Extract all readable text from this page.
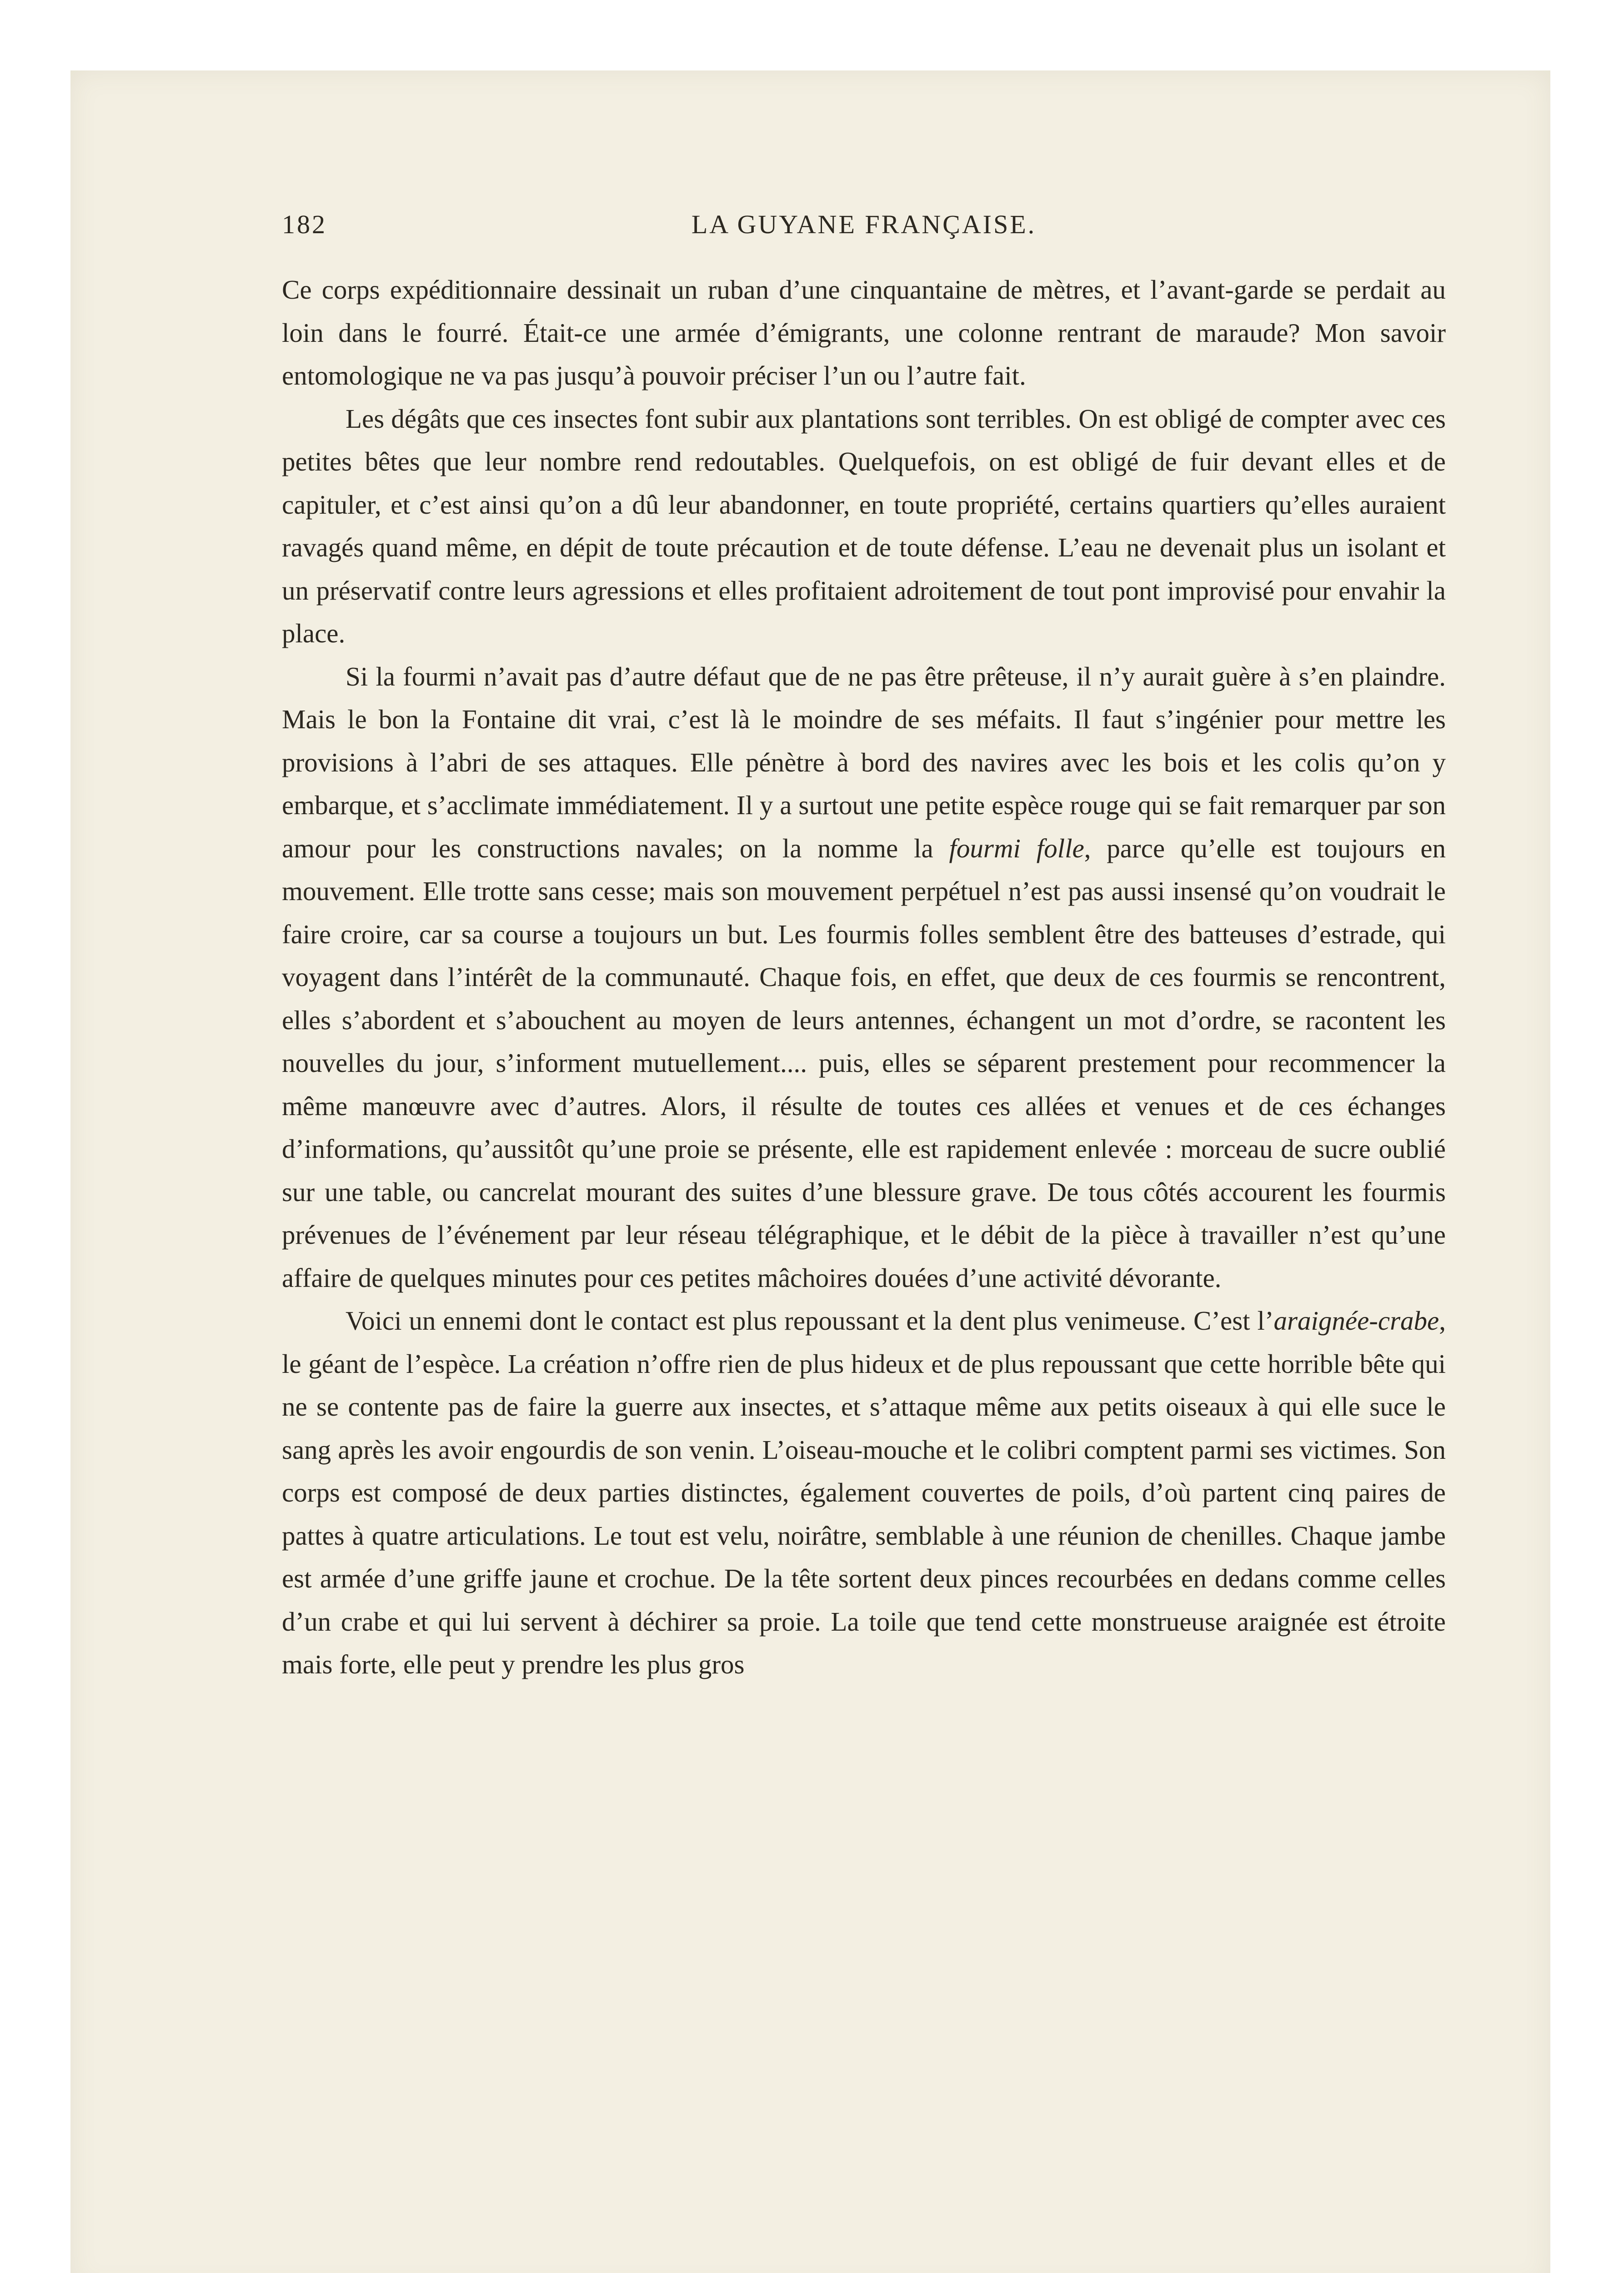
182	LA GUYANE FRANÇAISE.

Ce corps expéditionnaire dessinait un ruban d’une cinquantaine de mètres, et l’avant-garde se perdait au loin dans le fourré. Était-ce une armée d’émigrants, une colonne rentrant de maraude? Mon savoir entomologique ne va pas jusqu’à pouvoir préciser l’un ou l’autre fait.

Les dégâts que ces insectes font subir aux plantations sont terribles. On est obligé de compter avec ces petites bêtes que leur nombre rend redoutables. Quelquefois, on est obligé de fuir devant elles et de capituler, et c’est ainsi qu’on a dû leur abandonner, en toute propriété, certains quartiers qu’elles auraient ravagés quand même, en dépit de toute précaution et de toute défense. L’eau ne devenait plus un isolant et un préservatif contre leurs agressions et elles profitaient adroitement de tout pont improvisé pour envahir la place.

Si la fourmi n’avait pas d’autre défaut que de ne pas être prêteuse, il n’y aurait guère à s’en plaindre. Mais le bon la Fontaine dit vrai, c’est là le moindre de ses méfaits. Il faut s’ingénier pour mettre les provisions à l’abri de ses attaques. Elle pénètre à bord des navires avec les bois et les colis qu’on y embarque, et s’acclimate immédiatement. Il y a surtout une petite espèce rouge qui se fait remarquer par son amour pour les constructions navales; on la nomme la fourmi folle, parce qu’elle est toujours en mouvement. Elle trotte sans cesse; mais son mouvement perpétuel n’est pas aussi insensé qu’on voudrait le faire croire, car sa course a toujours un but. Les fourmis folles semblent être des batteuses d’estrade, qui voyagent dans l’intérêt de la communauté. Chaque fois, en effet, que deux de ces fourmis se rencontrent, elles s’abordent et s’abouchent au moyen de leurs antennes, échangent un mot d’ordre, se racontent les nouvelles du jour, s’informent mutuellement.... puis, elles se séparent prestement pour recommencer la même manœuvre avec d’autres. Alors, il résulte de toutes ces allées et venues et de ces échanges d’informations, qu’aussitôt qu’une proie se présente, elle est rapidement enlevée : morceau de sucre oublié sur une table, ou cancrelat mourant des suites d’une blessure grave. De tous côtés accourent les fourmis prévenues de l’événement par leur réseau télégraphique, et le débit de la pièce à travailler n’est qu’une affaire de quelques minutes pour ces petites mâchoires douées d’une activité dévorante.

Voici un ennemi dont le contact est plus repoussant et la dent plus venimeuse. C’est l’araignée-crabe, le géant de l’espèce. La création n’offre rien de plus hideux et de plus repoussant que cette horrible bête qui ne se contente pas de faire la guerre aux insectes, et s’attaque même aux petits oiseaux à qui elle suce le sang après les avoir engourdis de son venin. L’oiseau-mouche et le colibri comptent parmi ses victimes. Son corps est composé de deux parties distinctes, également couvertes de poils, d’où partent cinq paires de pattes à quatre articulations. Le tout est velu, noirâtre, semblable à une réunion de chenilles. Chaque jambe est armée d’une griffe jaune et crochue. De la tête sortent deux pinces recourbées en dedans comme celles d’un crabe et qui lui servent à déchirer sa proie. La toile que tend cette monstrueuse araignée est étroite mais forte, elle peut y prendre les plus gros
